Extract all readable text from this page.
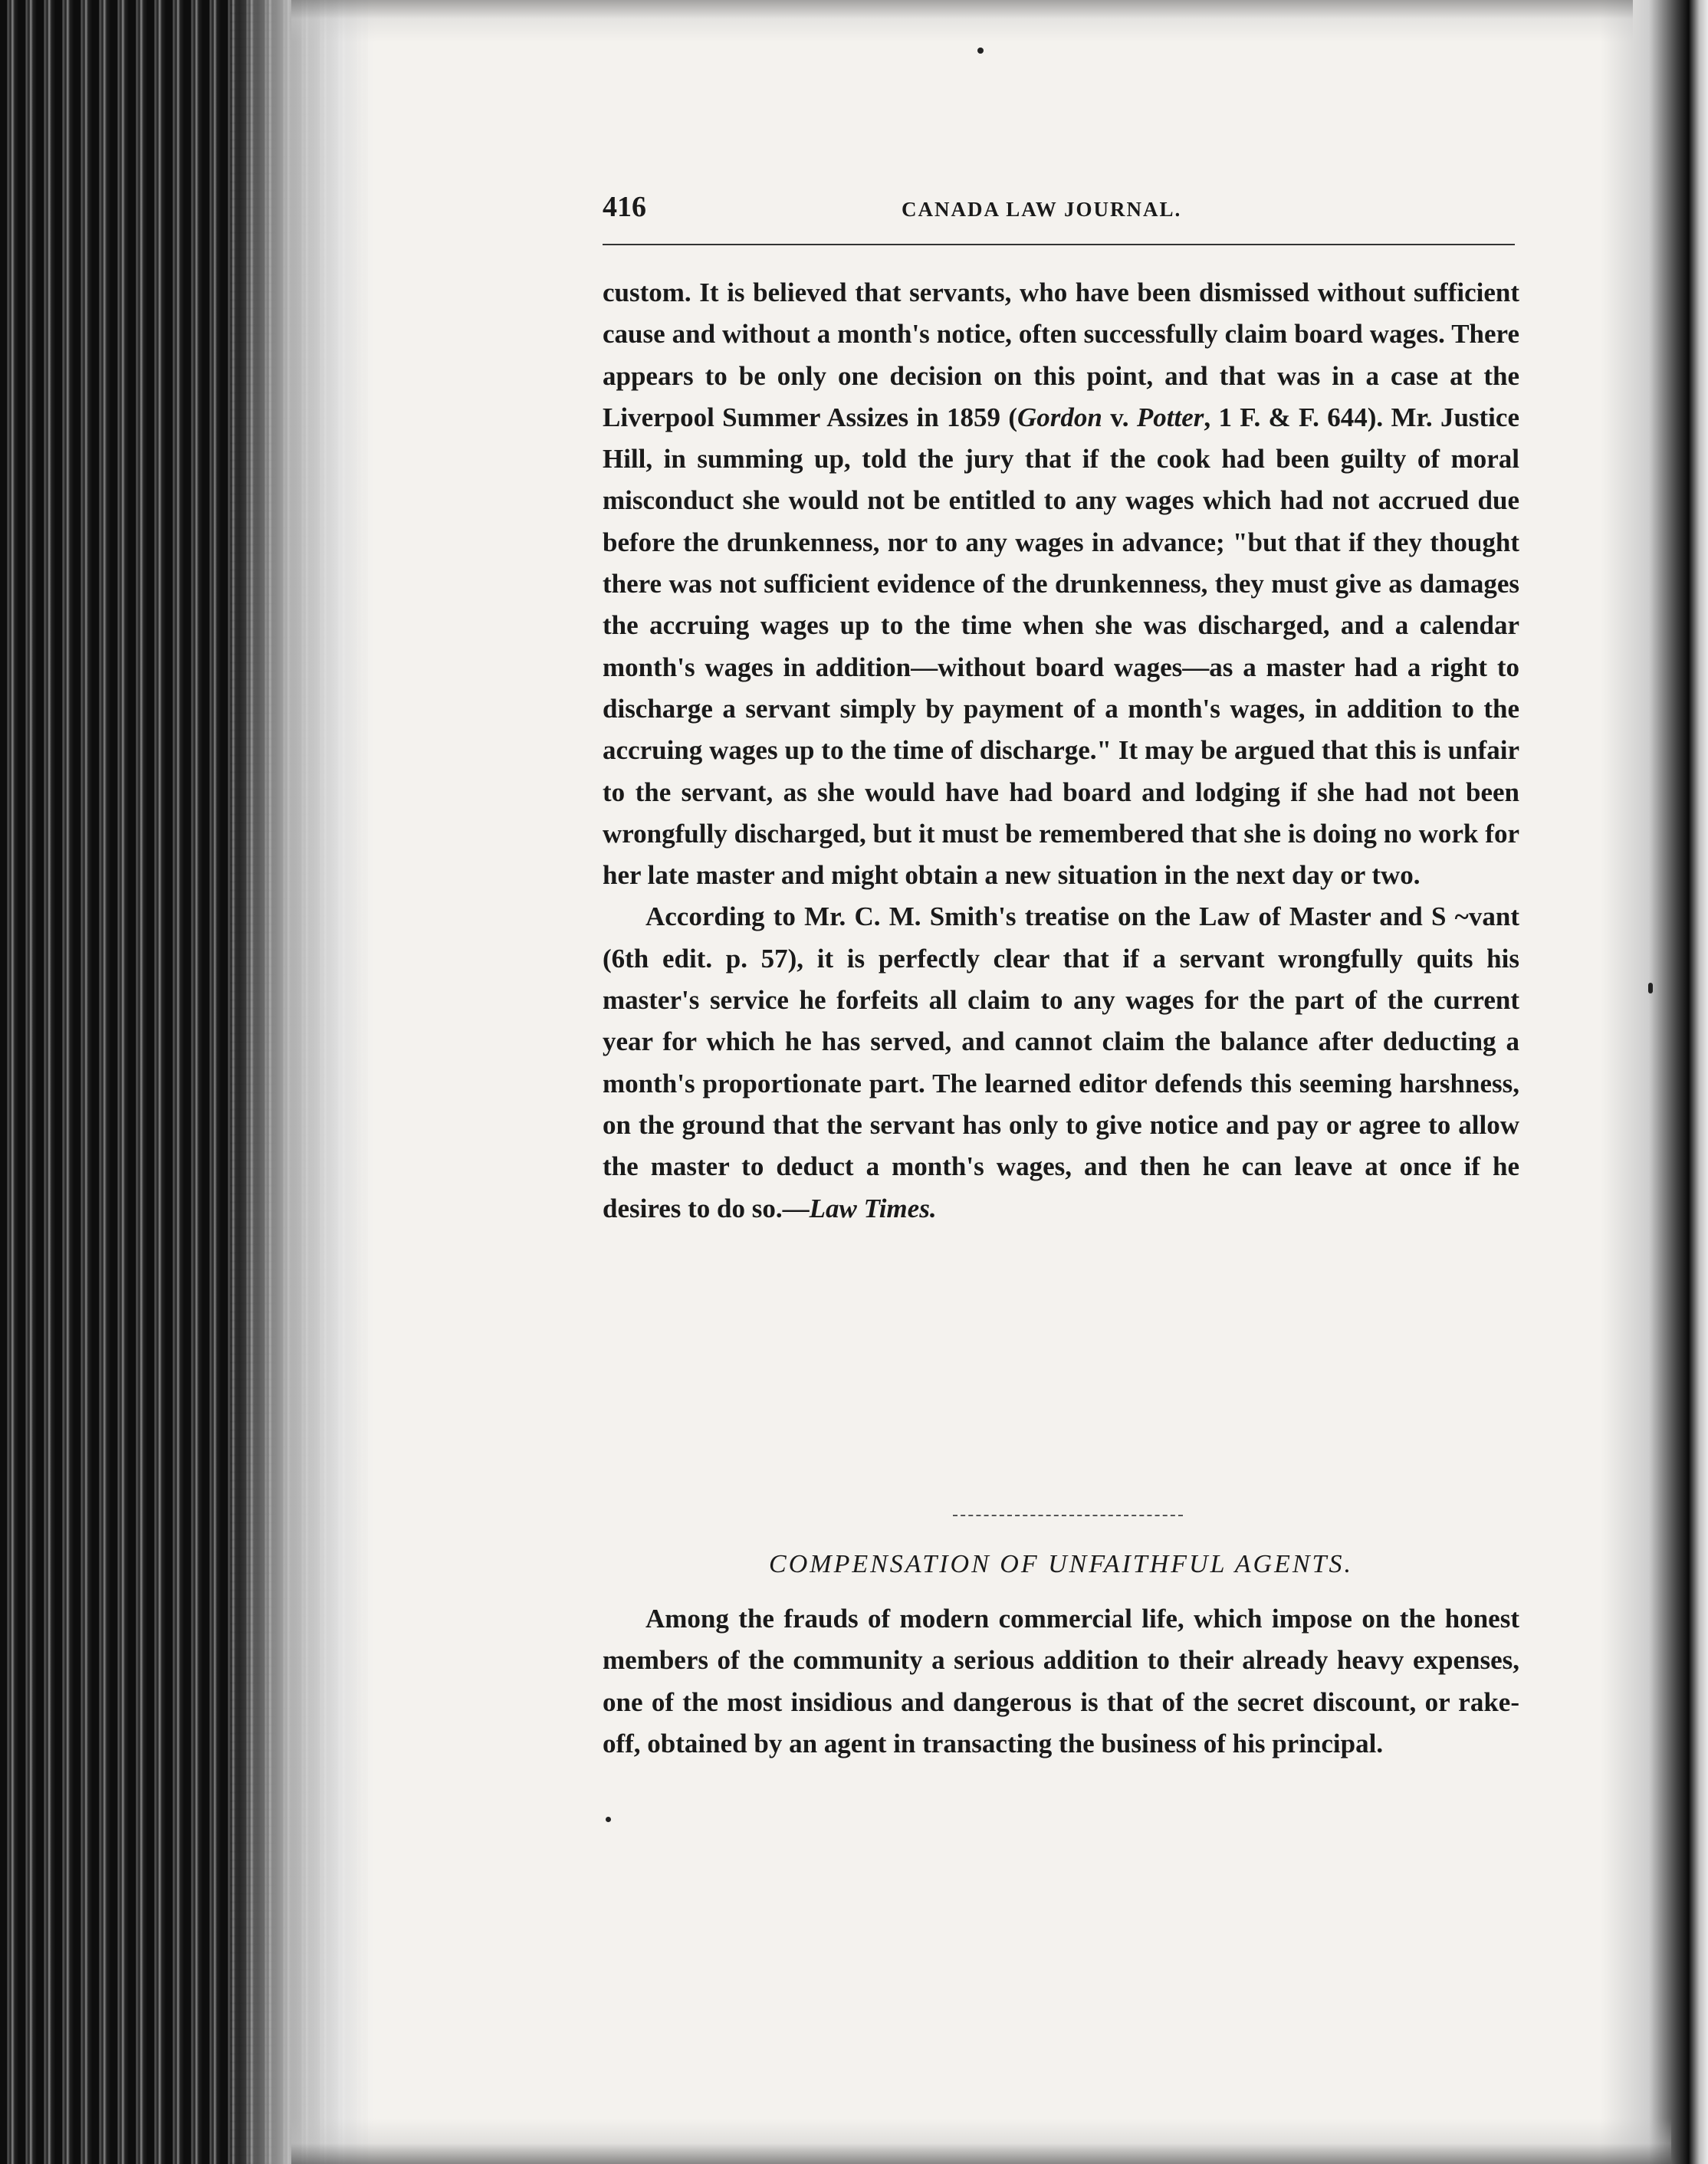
416	CANADA LAW JOURNAL.

custom. It is believed that servants, who have been dismissed without sufficient cause and without a month's notice, often successfully claim board wages. There appears to be only one decision on this point, and that was in a case at the Liverpool Summer Assizes in 1859 (Gordon v. Potter, 1 F. & F. 644). Mr. Justice Hill, in summing up, told the jury that if the cook had been guilty of moral misconduct she would not be entitled to any wages which had not accrued due before the drunkenness, nor to any wages in advance; "but that if they thought there was not sufficient evidence of the drunkenness, they must give as damages the accruing wages up to the time when she was discharged, and a calendar month's wages in addition—without board wages—as a master had a right to discharge a servant simply by payment of a month's wages, in addition to the accruing wages up to the time of discharge." It may be argued that this is unfair to the servant, as she would have had board and lodging if she had not been wrongfully discharged, but it must be remembered that she is doing no work for her late master and might obtain a new situation in the next day or two.

According to Mr. C. M. Smith's treatise on the Law of Master and S ~vant (6th edit. p. 57), it is perfectly clear that if a servant wrongfully quits his master's service he forfeits all claim to any wages for the part of the current year for which he has served, and cannot claim the balance after deducting a month's proportionate part. The learned editor defends this seeming harshness, on the ground that the servant has only to give notice and pay or agree to allow the master to deduct a month's wages, and then he can leave at once if he desires to do so.—Law Times.

COMPENSATION OF UNFAITHFUL AGENTS.

Among the frauds of modern commercial life, which impose on the honest members of the community a serious addition to their already heavy expenses, one of the most insidious and dangerous is that of the secret discount, or rake-off, obtained by an agent in transacting the business of his principal.
